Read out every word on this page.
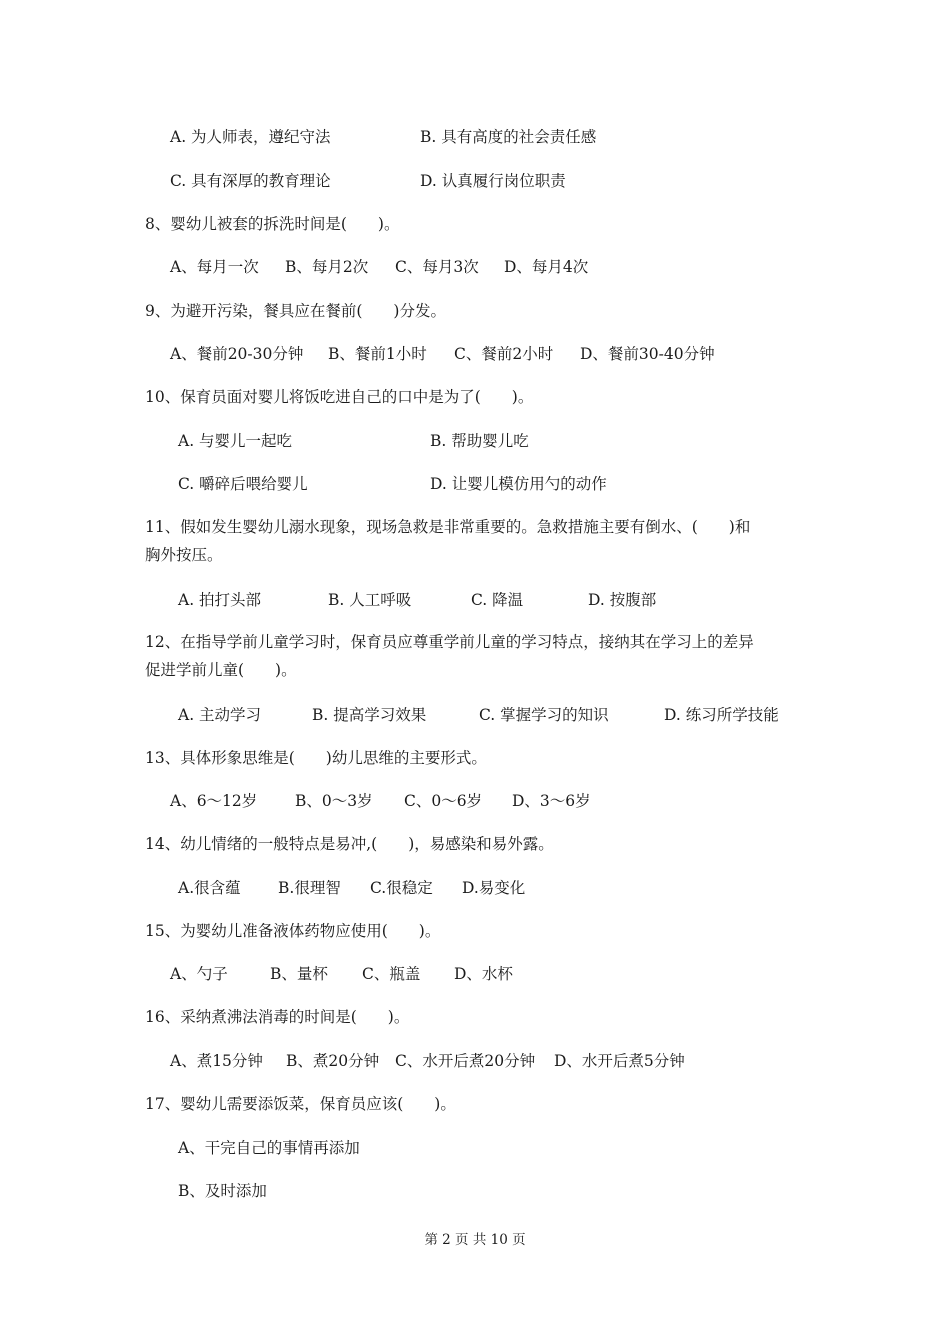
A. 为人师表，遵纪守法	B. 具有高度的社会责任感
C. 具有深厚的教育理论	D. 认真履行岗位职责
8、婴幼儿被套的拆洗时间是(　　)。
A、每月一次 B、每月2次 C、每月3次 D、每月4次
9、为避开污染，餐具应在餐前(　　)分发。
A、餐前20-30分钟 B、餐前1小时 C、餐前2小时 D、餐前30-40分钟
10、保育员面对婴儿将饭吃进自己的口中是为了(　　)。
A. 与婴儿一起吃	B. 帮助婴儿吃
C. 嚼碎后喂给婴儿	D. 让婴儿模仿用勺的动作
11、假如发生婴幼儿溺水现象，现场急救是非常重要的。急救措施主要有倒水、(　　)和
胸外按压。
A. 拍打头部	B. 人工呼吸	C. 降温	D. 按腹部
12、在指导学前儿童学习时，保育员应尊重学前儿童的学习特点，接纳其在学习上的差异
促进学前儿童(　　)。
A. 主动学习	B. 提高学习效果	C. 掌握学习的知识	D. 练习所学技能
13、具体形象思维是(　　)幼儿思维的主要形式。
A、6～12岁 B、0～3岁 C、0～6岁 D、3～6岁
14、幼儿情绪的一般特点是易冲,(　　)，易感染和易外露。
A.很含蕴 B.很理智 C.很稳定 D.易变化
15、为婴幼儿准备液体药物应使用(　　)。
A、勺子	B、量杯 C、瓶盖 D、水杯
16、采纳煮沸法消毒的时间是(　　)。
A、煮15分钟 B、煮20分钟 C、水开后煮20分钟 D、水开后煮5分钟
17、婴幼儿需要添饭菜，保育员应该(　　)。
A、干完自己的事情再添加
B、及时添加
第 2 页 共 10 页
